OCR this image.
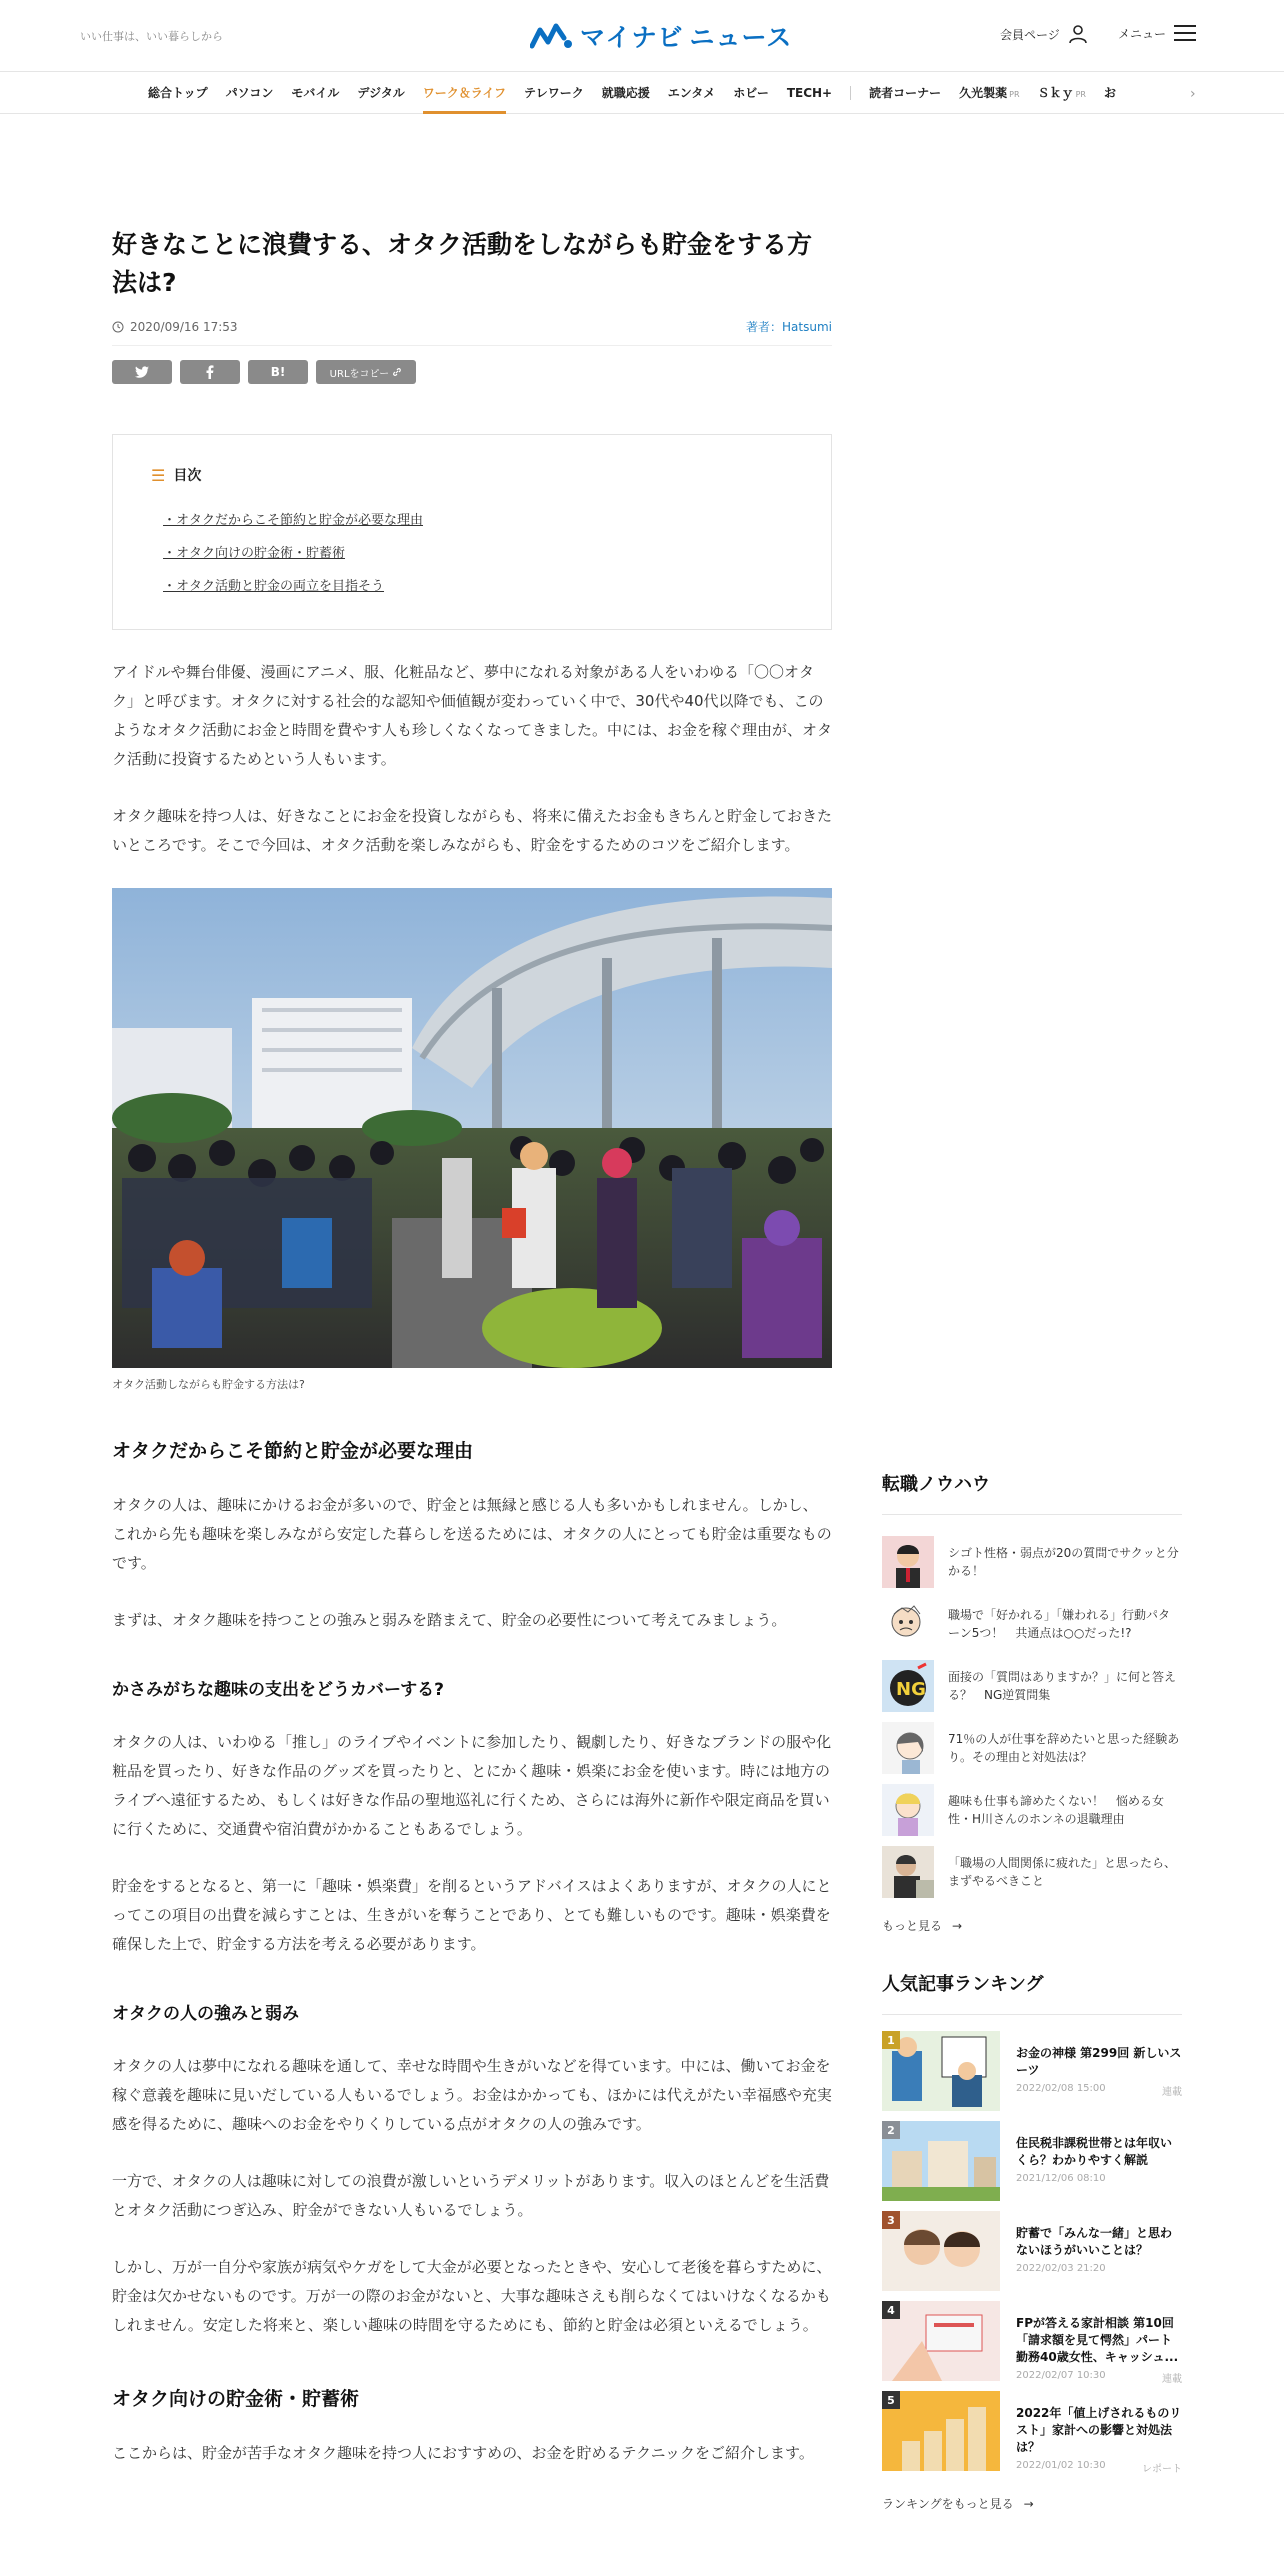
いい仕事は、いい暮らしから	マイナビ ニュース	会員ページ	メニュー
総合トップ パソコン モバイル デジタル ワーク＆ライフ テレワーク 就職応援 エンタメ ホビー TECH+	読者コーナー 久光製薬 PR Ｓｋｙ PR お	›
好きなことに浪費する、オタク活動をしながらも貯金をする方法は?
2020/09/16 17:53	著者：Hatsumi
B!	URLをコピー

☰ 目次
・オタクだからこそ節約と貯金が必要な理由
・オタク向けの貯金術・貯蓄術
・オタク活動と貯金の両立を目指そう

アイドルや舞台俳優、漫画にアニメ、服、化粧品など、夢中になれる対象がある人をいわゆる「〇〇オタク」と呼びます。オタクに対する社会的な認知や価値観が変わっていく中で、30代や40代以降でも、このようなオタク活動にお金と時間を費やす人も珍しくなくなってきました。中には、お金を稼ぐ理由が、オタク活動に投資するためという人もいます。

オタク趣味を持つ人は、好きなことにお金を投資しながらも、将来に備えたお金もきちんと貯金しておきたいところです。そこで今回は、オタク活動を楽しみながらも、貯金をするためのコツをご紹介します。

オタク活動しながらも貯金する方法は?
オタクだからこそ節約と貯金が必要な理由

オタクの人は、趣味にかけるお金が多いので、貯金とは無縁と感じる人も多いかもしれません。しかし、これから先も趣味を楽しみながら安定した暮らしを送るためには、オタクの人にとっても貯金は重要なものです。

まずは、オタク趣味を持つことの強みと弱みを踏まえて、貯金の必要性について考えてみましょう。

かさみがちな趣味の支出をどうカバーする?

オタクの人は、いわゆる「推し」のライブやイベントに参加したり、観劇したり、好きなブランドの服や化粧品を買ったり、好きな作品のグッズを買ったりと、とにかく趣味・娯楽にお金を使います。時には地方のライブへ遠征するため、もしくは好きな作品の聖地巡礼に行くため、さらには海外に新作や限定商品を買いに行くために、交通費や宿泊費がかかることもあるでしょう。

貯金をするとなると、第一に「趣味・娯楽費」を削るというアドバイスはよくありますが、オタクの人にとってこの項目の出費を減らすことは、生きがいを奪うことであり、とても難しいものです。趣味・娯楽費を確保した上で、貯金する方法を考える必要があります。

オタクの人の強みと弱み

オタクの人は夢中になれる趣味を通して、幸せな時間や生きがいなどを得ています。中には、働いてお金を稼ぐ意義を趣味に見いだしている人もいるでしょう。お金はかかっても、ほかには代えがたい幸福感や充実感を得るために、趣味へのお金をやりくりしている点がオタクの人の強みです。

一方で、オタクの人は趣味に対しての浪費が激しいというデメリットがあります。収入のほとんどを生活費とオタク活動につぎ込み、貯金ができない人もいるでしょう。

しかし、万が一自分や家族が病気やケガをして大金が必要となったときや、安心して老後を暮らすために、貯金は欠かせないものです。万が一の際のお金がないと、大事な趣味さえも削らなくてはいけなくなるかもしれません。安定した将来と、楽しい趣味の時間を守るためにも、節約と貯金は必須といえるでしょう。

オタク向けの貯金術・貯蓄術

ここからは、貯金が苦手なオタク趣味を持つ人におすすめの、お金を貯めるテクニックをご紹介します。

転職ノウハウ
シゴト性格・弱点が20の質問でサクッと分かる！
職場で「好かれる」「嫌われる」行動パターン5つ！　共通点は○○だった!?
NG
面接の「質問はありますか？」に何と答える？　NG逆質問集
71％の人が仕事を辞めたいと思った経験あり。その理由と対処法は？
趣味も仕事も諦めたくない！　悩める女性・H川さんのホンネの退職理由
「職場の人間関係に疲れた」と思ったら、まずやるべきこと
もっと見る →
人気記事ランキング
1
お金の神様 第299回 新しいスーツ
2022/02/08 15:00	連載
2
住民税非課税世帯とは年収いくら？わかりやすく解説
2021/12/06 08:10
3
貯蓄で「みんな一緒」と思わないほうがいいことは？
2022/02/03 21:20
4
FPが答える家計相談 第10回「請求額を見て愕然」パート勤務40歳女性、キャッシュ...
2022/02/07 10:30	連載
5
2022年「値上げされるものリスト」家計への影響と対処法は？
2022/01/02 10:30	レポート
ランキングをもっと見る →
